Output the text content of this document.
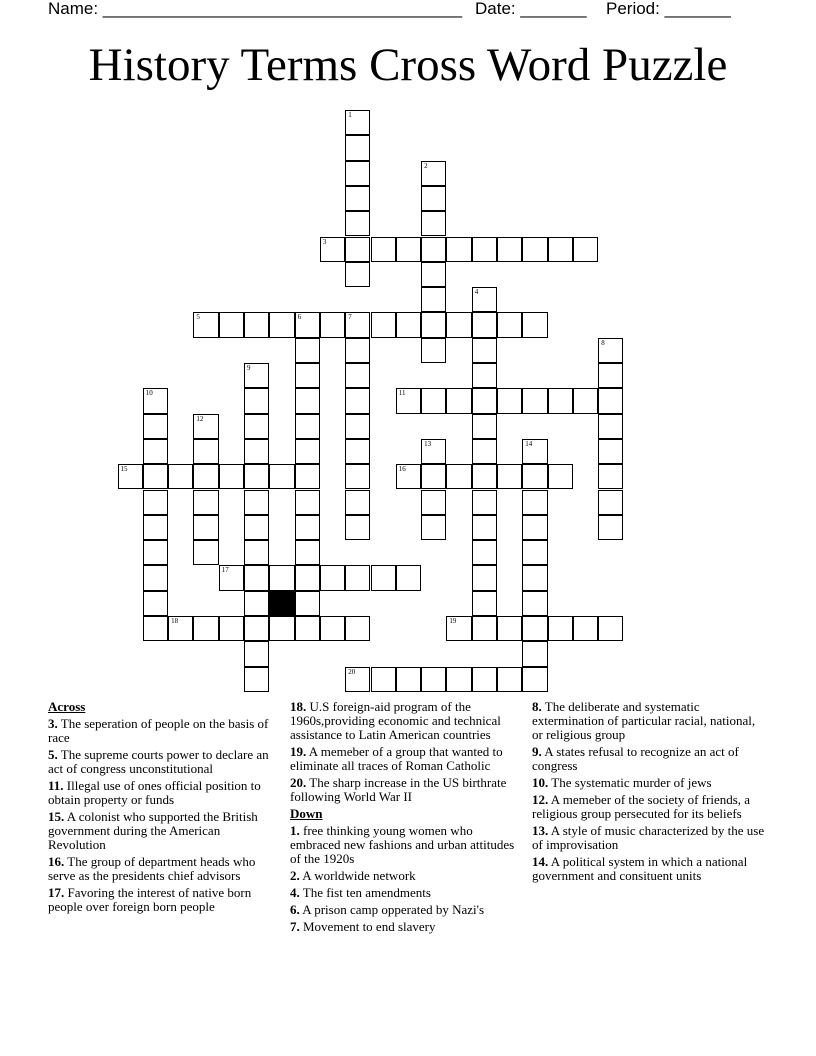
Name: ______________________________________ Date: _______ Period: _______
History Terms Cross Word Puzzle
1
2
3
4
5	6	7
8
9
10	11
12
13	14
15	16
17
18	19
20
Across
3. The seperation of people on the basis of race
5. The supreme courts power to declare an act of congress unconstitutional
11. Illegal use of ones official position to obtain property or funds
15. A colonist who supported the British government during the American Revolution
16. The group of department heads who serve as the presidents chief advisors
17. Favoring the interest of native born people over foreign born people
18. U.S foreign-aid program of the 1960s,providing economic and technical assistance to Latin American countries
19. A memeber of a group that wanted to eliminate all traces of Roman Catholic
20. The sharp increase in the US birthrate following World War II
Down
1. free thinking young women who embraced new fashions and urban attitudes of the 1920s
2. A worldwide network
4. The fist ten amendments
6. A prison camp opperated by Nazi's
7. Movement to end slavery
8. The deliberate and systematic extermination of particular racial, national, or religious group
9. A states refusal to recognize an act of congress
10. The systematic murder of jews
12. A memeber of the society of friends, a religious group persecuted for its beliefs
13. A style of music characterized by the use of improvisation
14. A political system in which a national government and consituent units
